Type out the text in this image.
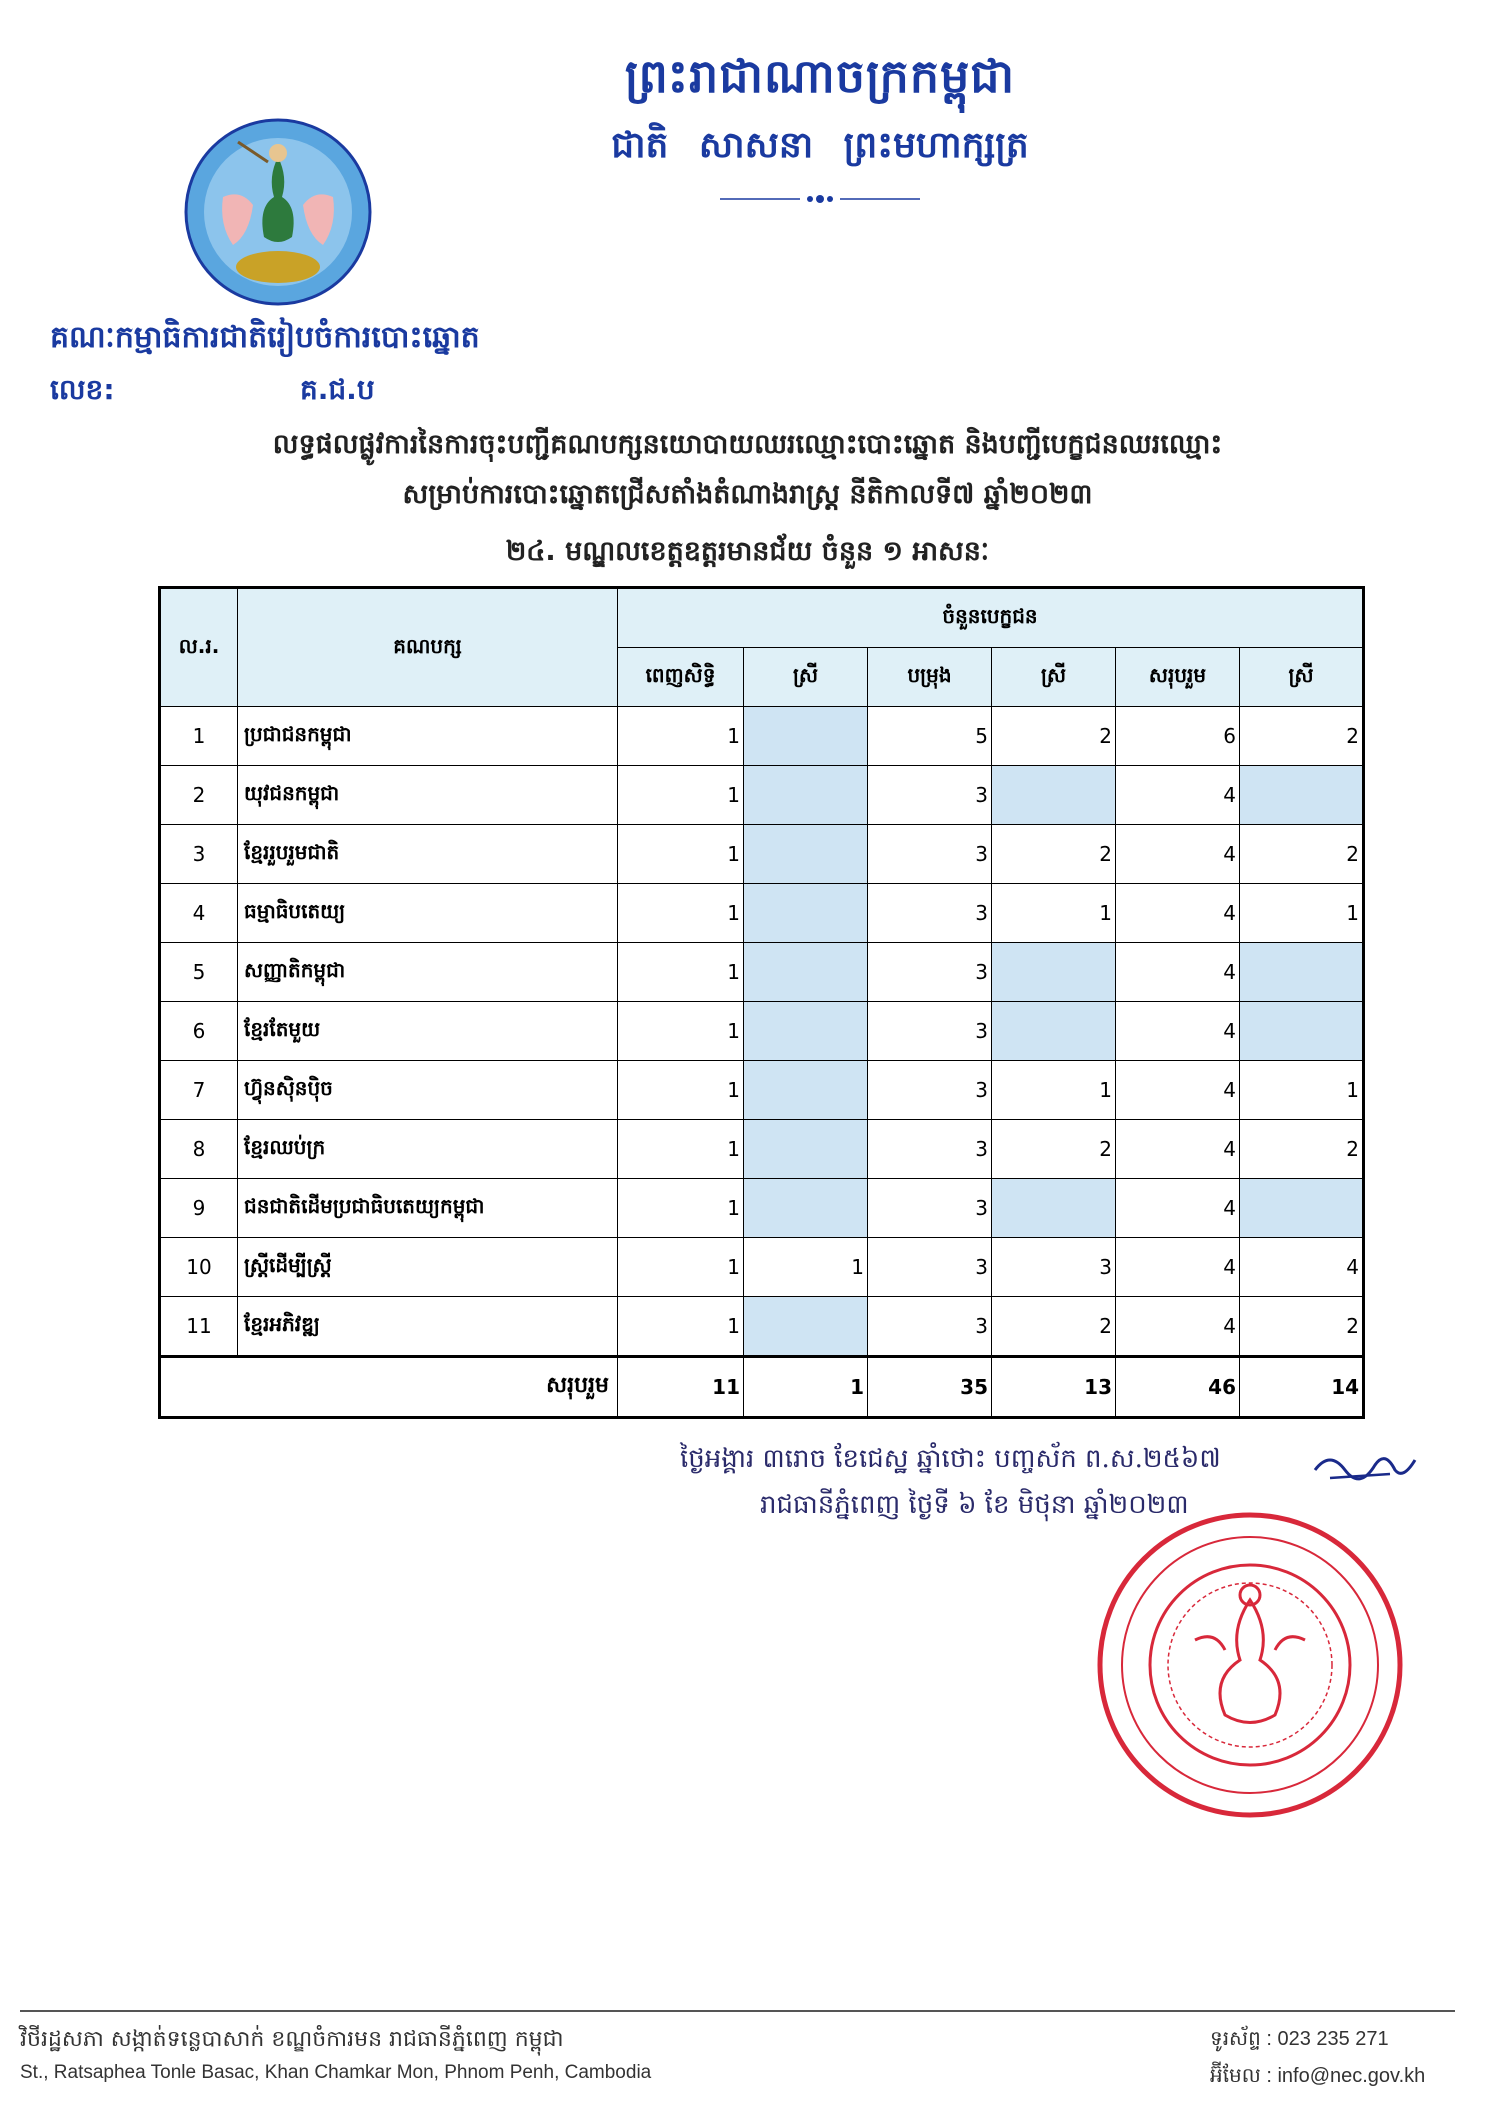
ព្រះរាជាណាចក្រកម្ពុជា
ជាតិ សាសនា ព្រះមហាក្សត្រ
គណៈកម្មាធិការជាតិរៀបចំការបោះឆ្នោត
លេខ:	គ.ជ.ប
លទ្ធផលផ្លូវការនៃការចុះបញ្ជីគណបក្សនយោបាយឈរឈ្មោះបោះឆ្នោត និងបញ្ជីបេក្ខជនឈរឈ្មោះ
សម្រាប់ការបោះឆ្នោតជ្រើសតាំងតំណាងរាស្ត្រ នីតិកាលទី៧ ឆ្នាំ២០២៣
២៤. មណ្ឌលខេត្តឧត្តរមានជ័យ ចំនួន ១ អាសនៈ
ល.រ.	គណបក្ស	ចំនួនបេក្ខជន					
		ពេញសិទ្ធិ	ស្រី	បម្រុង	ស្រី	សរុបរួម	ស្រី
1	ប្រជាជនកម្ពុជា	1		5	2	6	2
2	យុវជនកម្ពុជា	1		3		4	
3	ខ្មែររួបរួមជាតិ	1		3	2	4	2
4	ធម្មាធិបតេយ្យ	1		3	1	4	1
5	សញ្ញាតិកម្ពុជា	1		3		4	
6	ខ្មែរតែមួយ	1		3		4	
7	ហ៊្វុនស៊ិនប៉ិច	1		3	1	4	1
8	ខ្មែរឈប់ក្រ	1		3	2	4	2
9	ជនជាតិដើមប្រជាធិបតេយ្យកម្ពុជា	1		3		4	
10	ស្ត្រីដើម្បីស្ត្រី	1	1	3	3	4	4
11	ខ្មែរអភិវឌ្ឍ	1		3	2	4	2
សរុបរួម		11	1	35	13	46	14
ថ្ងៃអង្គារ ៣រោច ខែជេស្ឋ ឆ្នាំថោះ បញ្ចស័ក ព.ស.២៥៦៧
រាជធានីភ្នំពេញ ថ្ងៃទី ៦ ខែ មិថុនា ឆ្នាំ២០២៣
វិថីរដ្ឋសភា សង្កាត់ទន្លេបាសាក់ ខណ្ឌចំការមន រាជធានីភ្នំពេញ កម្ពុជា
St., Ratsaphea Tonle Basac, Khan Chamkar Mon, Phnom Penh, Cambodia
ទូរស័ព្ទ : 023 235 271
អ៊ីមែល : info@nec.gov.kh
